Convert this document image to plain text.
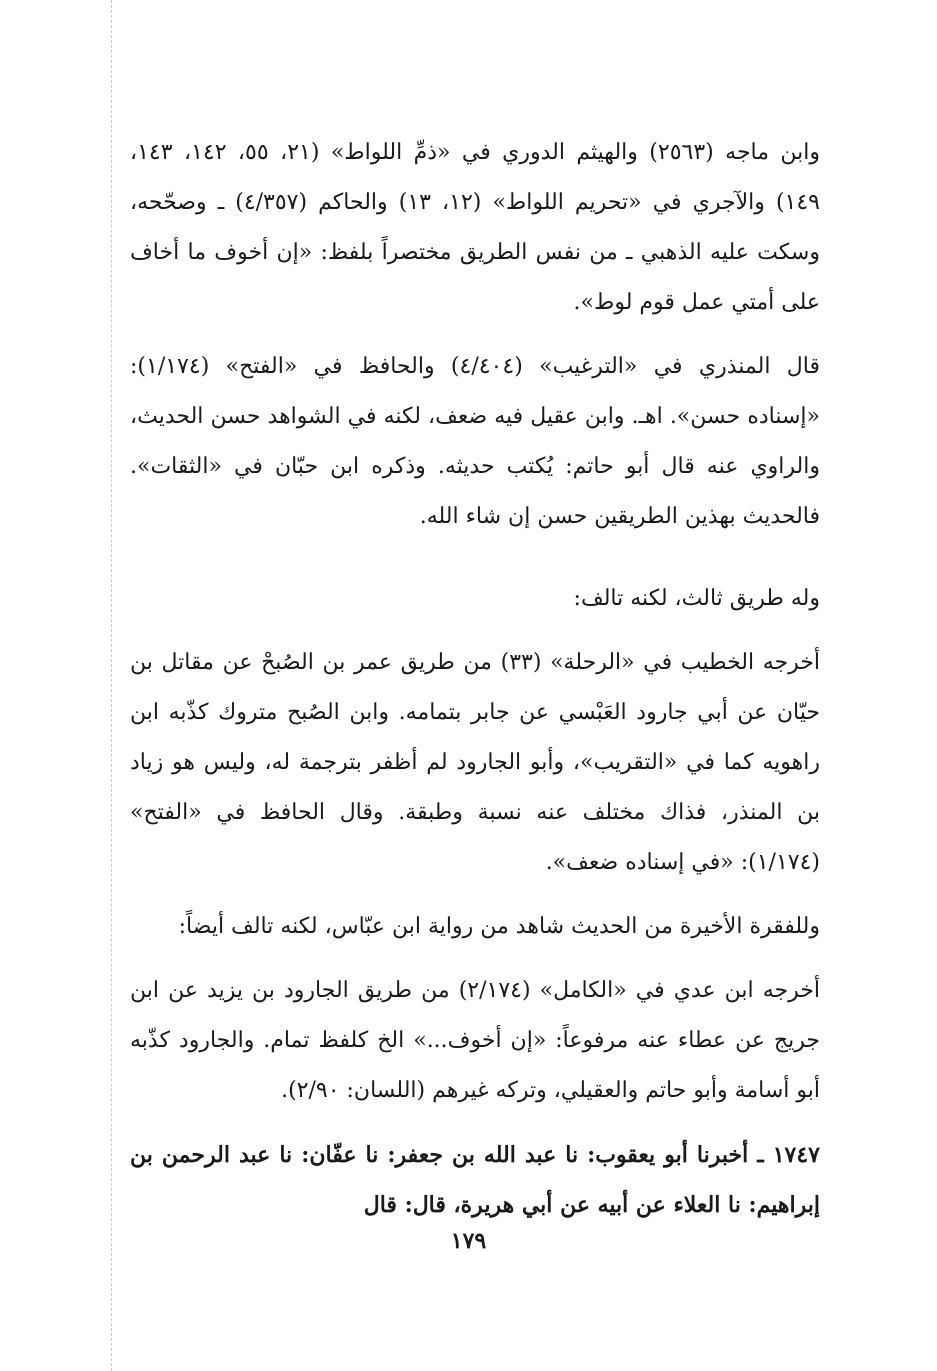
وابن ماجه (٢٥٦٣) والهيثم الدوري في «ذمِّ اللواط» (٢١، ٥٥، ١٤٢، ١٤٣، ١٤٩) والآجري في «تحريم اللواط» (١٢، ١٣) والحاكم (٤/٣٥٧) ـ وصحّحه، وسكت عليه الذهبي ـ من نفس الطريق مختصراً بلفظ: «إن أخوف ما أخاف على أمتي عمل قوم لوط».

قال المنذري في «الترغيب» (٤/٤٠٤) والحافظ في «الفتح» (١/١٧٤): «إسناده حسن». اهـ. وابن عقيل فيه ضعف، لكنه في الشواهد حسن الحديث، والراوي عنه قال أبو حاتم: يُكتب حديثه. وذكره ابن حبّان في «الثقات». فالحديث بهذين الطريقين حسن إن شاء الله.

وله طريق ثالث، لكنه تالف:

أخرجه الخطيب في «الرحلة» (٣٣) من طريق عمر بن الصُبحْ عن مقاتل بن حيّان عن أبي جارود العَبْسي عن جابر بتمامه. وابن الصُبح متروك كذّبه ابن راهويه كما في «التقريب»، وأبو الجارود لم أظفر بترجمة له، وليس هو زياد بن المنذر، فذاك مختلف عنه نسبة وطبقة. وقال الحافظ في «الفتح» (١/١٧٤): «في إسناده ضعف».

وللفقرة الأخيرة من الحديث شاهد من رواية ابن عبّاس، لكنه تالف أيضاً:

أخرجه ابن عدي في «الكامل» (٢/١٧٤) من طريق الجارود بن يزيد عن ابن جريج عن عطاء عنه مرفوعاً: «إن أخوف...» الخ كلفظ تمام. والجارود كذّبه أبو أسامة وأبو حاتم والعقيلي، وتركه غيرهم (اللسان: ٢/٩٠).

١٧٤٧ ـ أخبرنا أبو يعقوب: نا عبد الله بن جعفر: نا عفّان: نا عبد الرحمن بن إبراهيم: نا العلاء عن أبيه عن أبي هريرة، قال: قال

١٧٩
